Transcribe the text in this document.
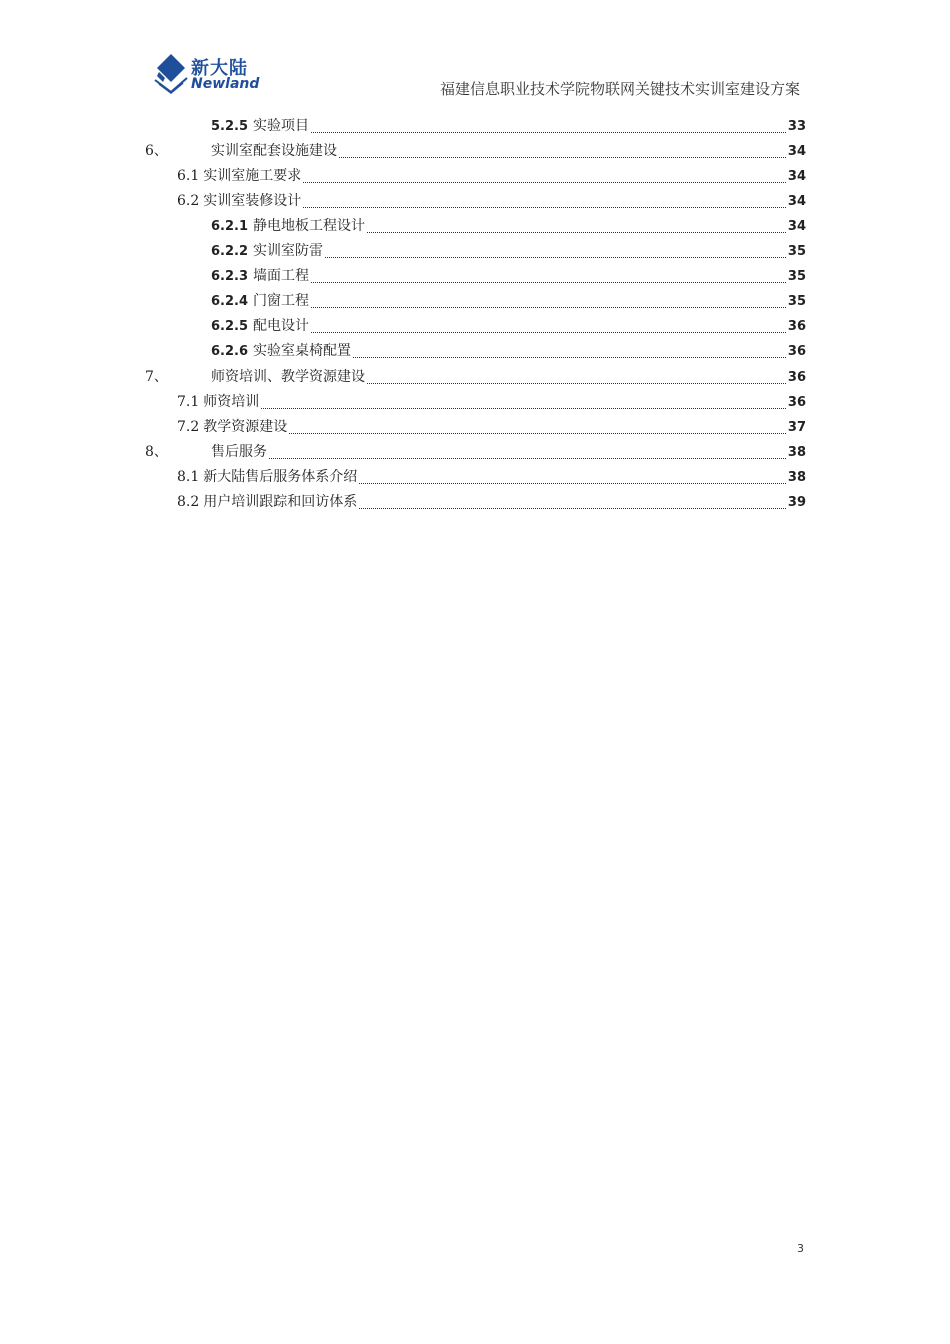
新大陆
Newland	福建信息职业技术学院物联网关键技术实训室建设方案
5.2.5 实验项目	33
6、	实训室配套设施建设	34
6.1 实训室施工要求	34
6.2 实训室装修设计	34
6.2.1 静电地板工程设计	34
6.2.2 实训室防雷	35
6.2.3 墙面工程	35
6.2.4 门窗工程	35
6.2.5 配电设计	36
6.2.6 实验室桌椅配置	36
7、	师资培训、教学资源建设	36
7.1 师资培训	36
7.2 教学资源建设	37
8、	售后服务	38
8.1 新大陆售后服务体系介绍	38
8.2 用户培训跟踪和回访体系	39
3
